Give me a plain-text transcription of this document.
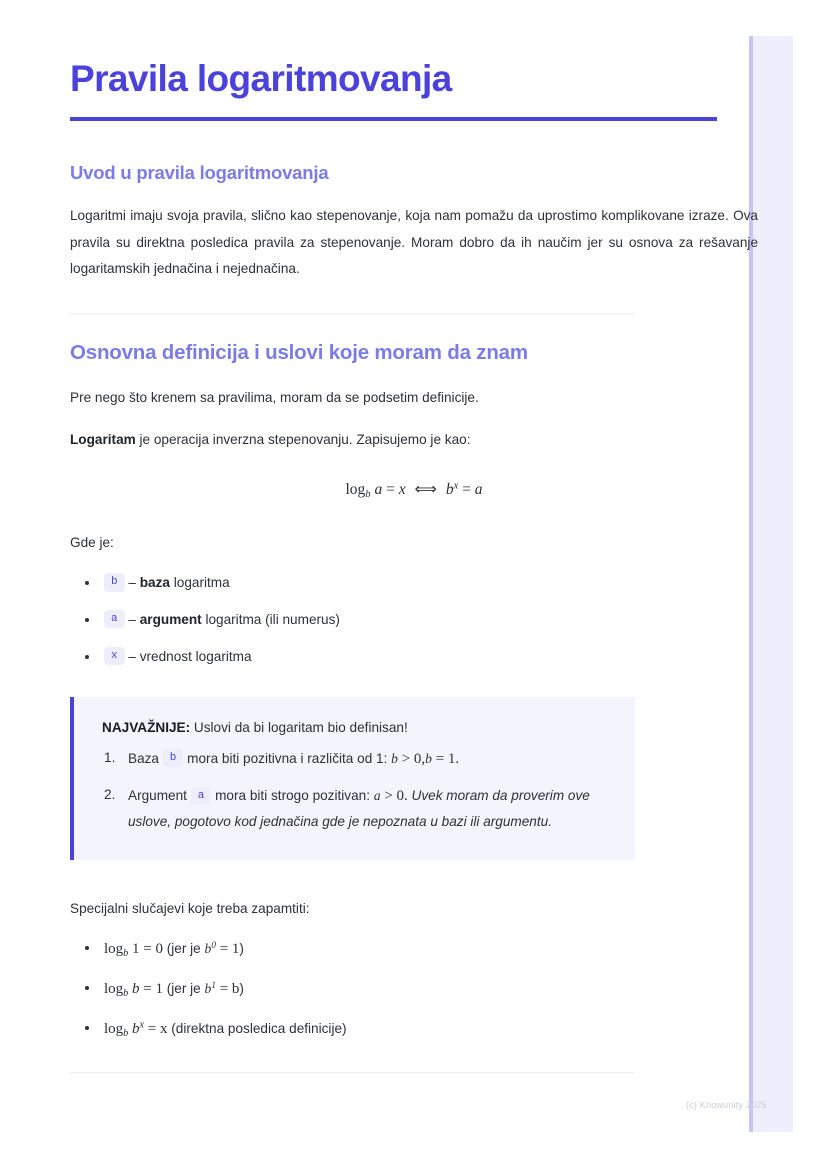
Pravila logaritmovanja
Uvod u pravila logaritmovanja

Logaritmi imaju svoja pravila, slično kao stepenovanje, koja nam pomažu da uprostimo komplikovane izraze. Ova pravila su direktna posledica pravila za stepenovanje. Moram dobro da ih naučim jer su osnova za rešavanje logaritamskih jednačina i nejednačina.

Osnovna definicija i uslovi koje moram da znam

Pre nego što krenem sa pravilima, moram da se podsetim definicije.

Logaritam je operacija inverzna stepenovanju. Zapisujemo je kao:

$\log_b a = x$ ⟺ $b^x = a$

Gde je:

b – baza logaritma
a – argument logaritma (ili numerus)
x – vrednost logaritma

NAJVAŽNIJE: Uslovi da bi logaritam bio definisan!

Baza b mora biti pozitivna i različita od 1: b > 0,b = 1.
Argument a mora biti strogo pozitivan: a > 0. Uvek moram da proverim ove uslove, pogotovo kod jednačina gde je nepoznata u bazi ili argumentu.

Specijalni slučajevi koje treba zapamtiti:

$\log_b 1 = 0$ (jer je $b^0 = 1$)
$\log_b b = 1$ (jer je $b^1 = b$)
$\log_b b^x = x$ (direktna posledica definicije)
(c) Knowunity 2025
